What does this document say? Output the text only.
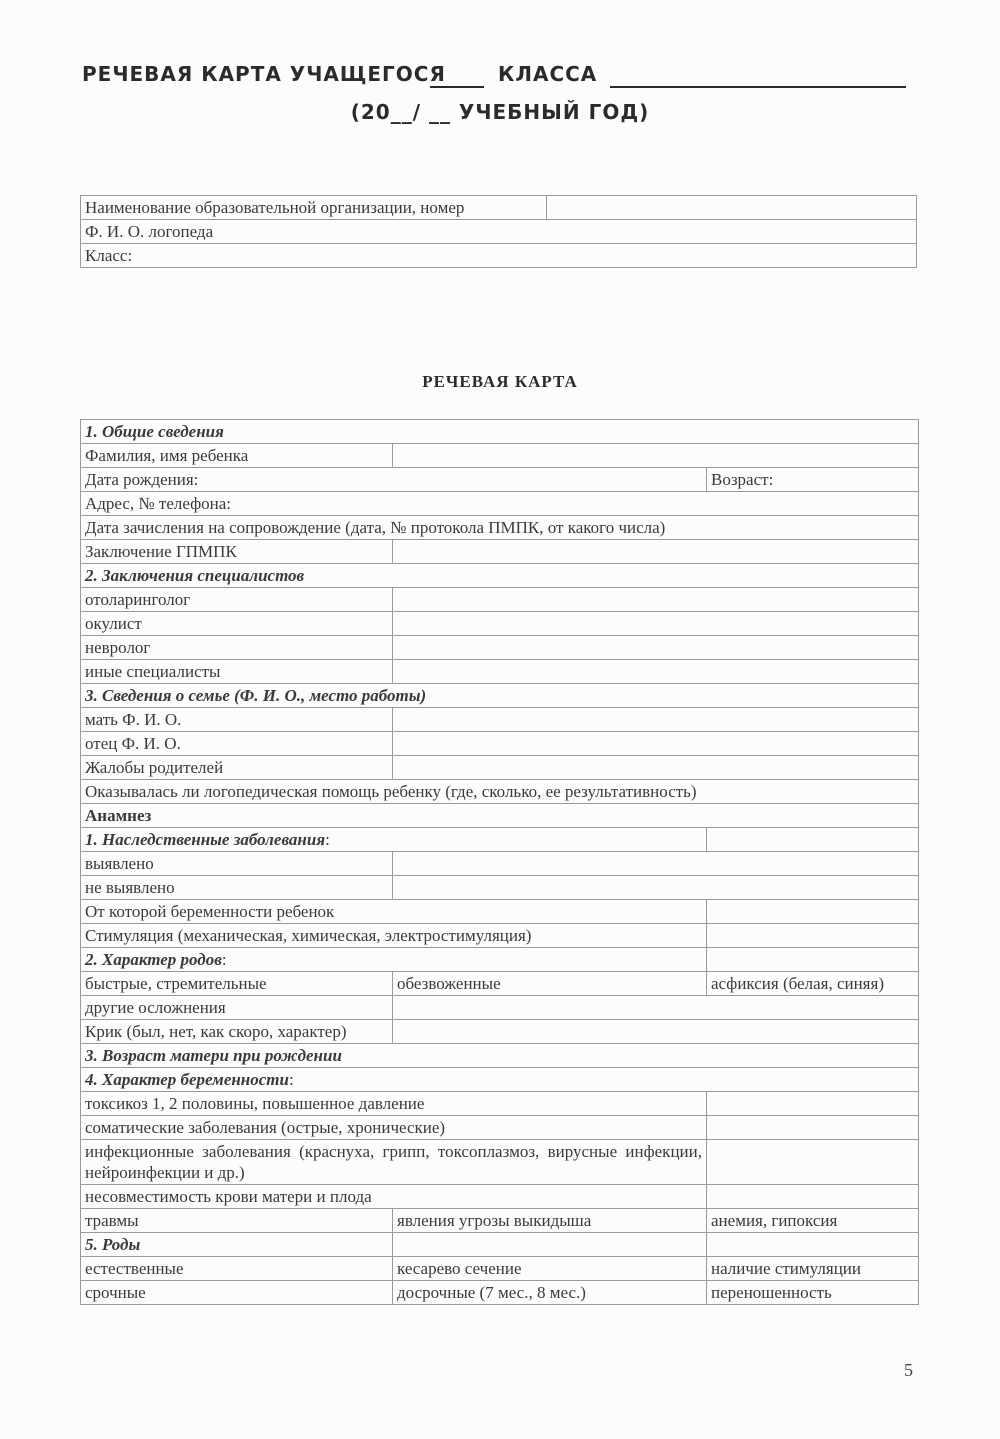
РЕЧЕВАЯ КАРТА УЧАЩЕГОСЯ	КЛАССА
(20__/ __ УЧЕБНЫЙ ГОД)
Наименование образовательной организации, номер	
Ф. И. О. логопеда
Класс:
РЕЧЕВАЯ КАРТА
1. Общие сведения		
Фамилия, имя ребенка		
Дата рождения:		Возраст:
Адрес, № телефона:		
Дата зачисления на сопровождение (дата, № протокола ПМПК, от какого числа)		
Заключение ГПМПК		
2. Заключения специалистов		
отоларинголог		
окулист		
невролог		
иные специалисты		
3. Сведения о семье (Ф. И. О., место работы)		
мать Ф. И. О.		
отец Ф. И. О.		
Жалобы родителей		
Оказывалась ли логопедическая помощь ребенку (где, сколько, ее результативность)		
Анамнез		
1. Наследственные заболевания:		
выявлено		
не выявлено		
От которой беременности ребенок		
Стимуляция (механическая, химическая, электростимуляция)		
2. Характер родов:		
быстрые, стремительные	обезвоженные	асфиксия (белая, синяя)
другие осложнения		
Крик (был, нет, как скоро, характер)		
3. Возраст матери при рождении		
4. Характер беременности:		
токсикоз 1, 2 половины, повышенное давление		
соматические заболевания (острые, хронические)		
инфекционные заболевания (краснуха, грипп, токсоплазмоз, вирусные инфекции, нейроинфекции и др.)		
несовместимость крови матери и плода		
травмы	явления угрозы выкидыша	анемия, гипоксия
5. Роды		
естественные	кесарево сечение	наличие стимуляции
срочные	досрочные (7 мес., 8 мес.)	переношенность
5
